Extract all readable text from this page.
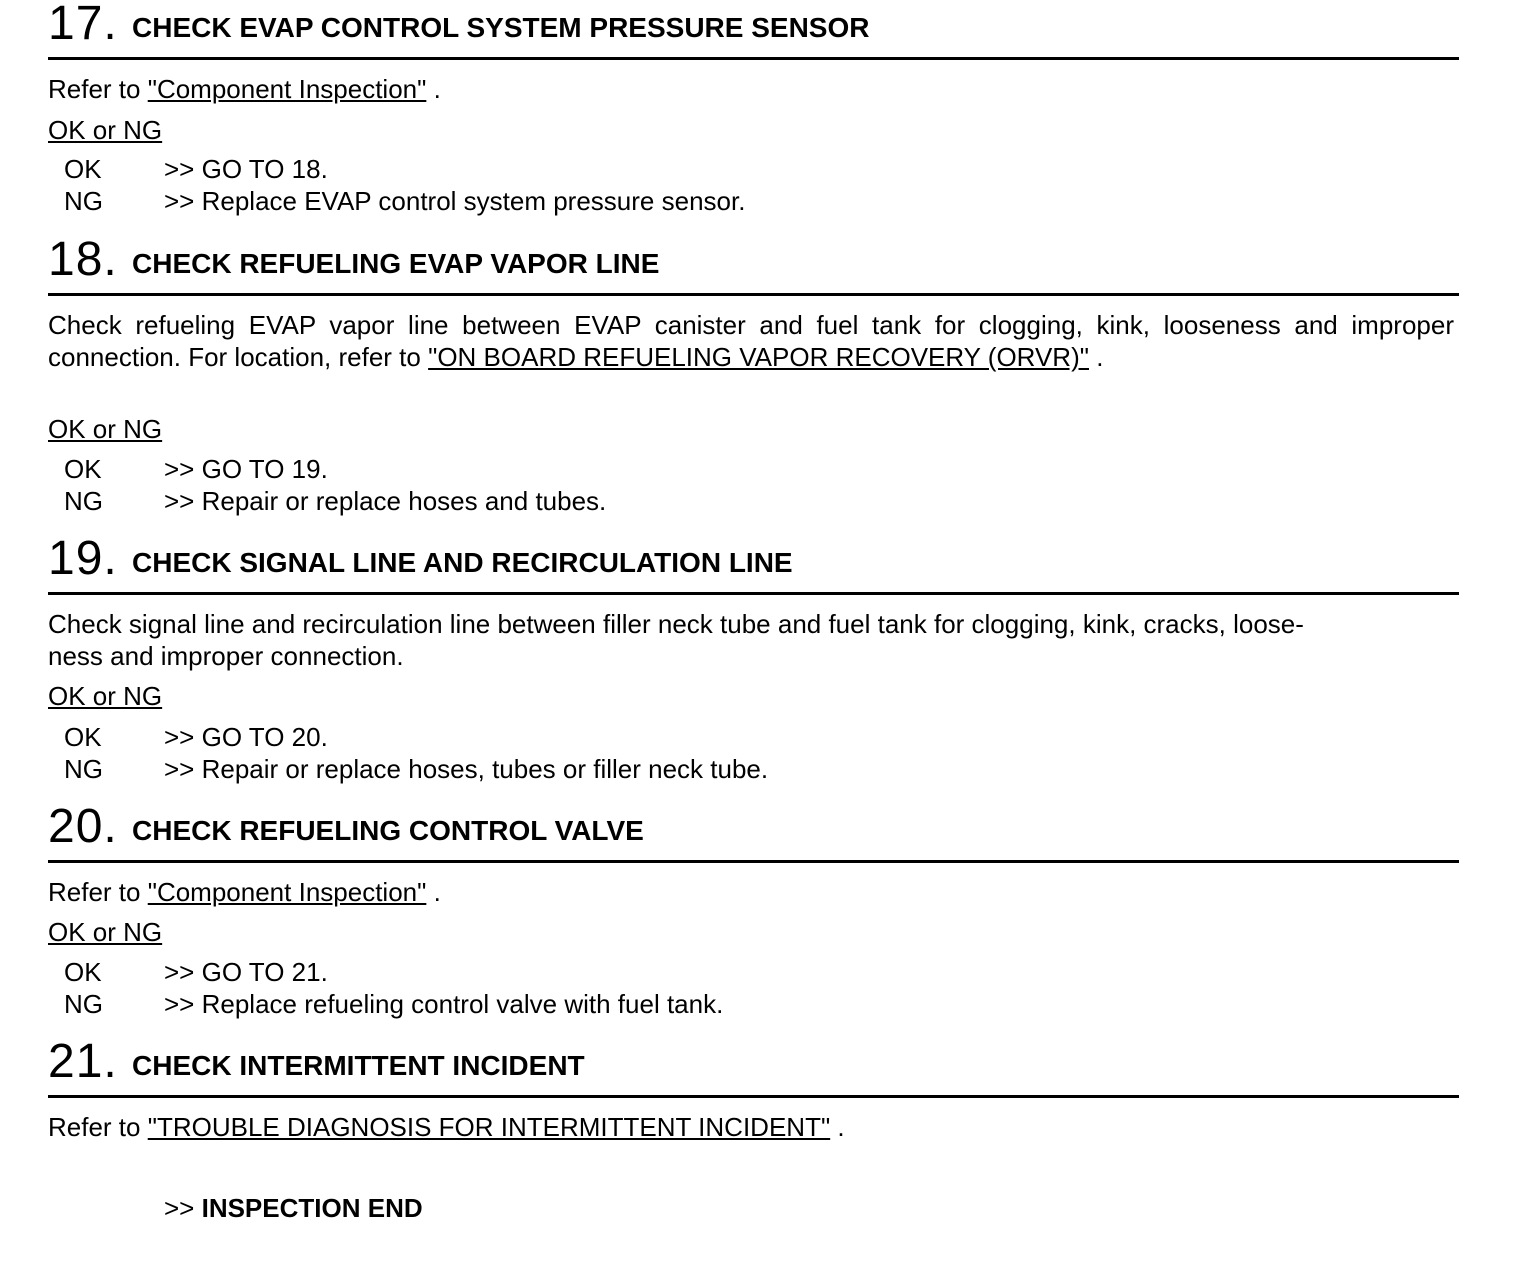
17. CHECK EVAP CONTROL SYSTEM PRESSURE SENSOR
Refer to "Component Inspection" .
OK or NG
OK >> GO TO 18.
NG >> Replace EVAP control system pressure sensor.
18. CHECK REFUELING EVAP VAPOR LINE
Check refueling EVAP vapor line between EVAP canister and fuel tank for clogging, kink, looseness and improper connection. For location, refer to "ON BOARD REFUELING VAPOR RECOVERY (ORVR)" .
OK or NG
OK >> GO TO 19.
NG >> Repair or replace hoses and tubes.
19. CHECK SIGNAL LINE AND RECIRCULATION LINE
Check signal line and recirculation line between filler neck tube and fuel tank for clogging, kink, cracks, loose-
ness and improper connection.
OK or NG
OK >> GO TO 20.
NG >> Repair or replace hoses, tubes or filler neck tube.
20. CHECK REFUELING CONTROL VALVE
Refer to "Component Inspection" .
OK or NG
OK >> GO TO 21.
NG >> Replace refueling control valve with fuel tank.
21. CHECK INTERMITTENT INCIDENT
Refer to "TROUBLE DIAGNOSIS FOR INTERMITTENT INCIDENT" .
>> INSPECTION END
